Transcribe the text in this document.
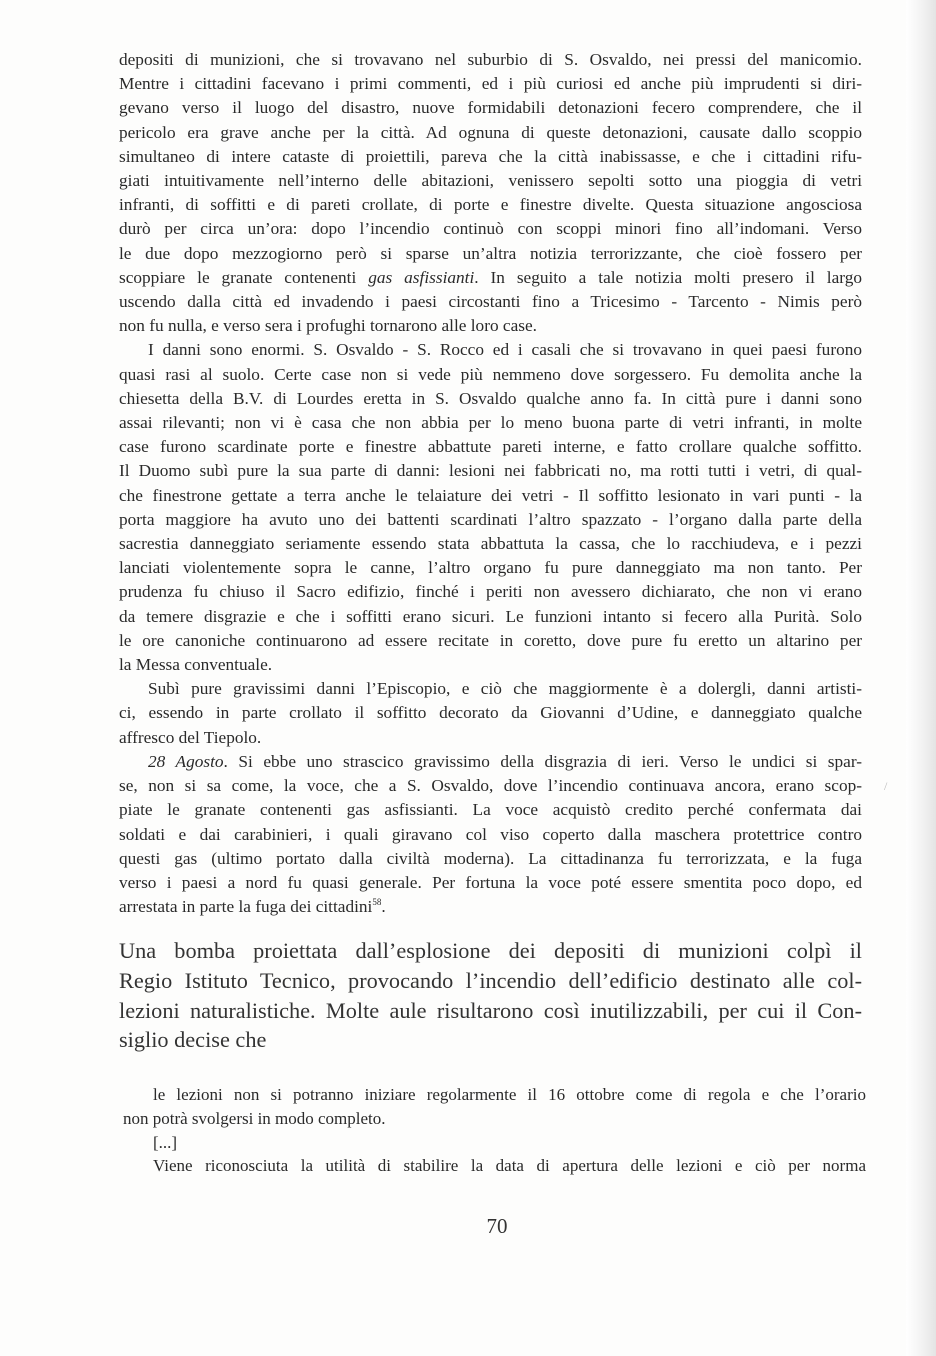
depositi di munizioni, che si trovavano nel suburbio di S. Osvaldo, nei pressi del manicomio.
Mentre i cittadini facevano i primi commenti, ed i più curiosi ed anche più imprudenti si diri-
gevano verso il luogo del disastro, nuove formidabili detonazioni fecero comprendere, che il
pericolo era grave anche per la città. Ad ognuna di queste detonazioni, causate dallo scoppio
simultaneo di intere cataste di proiettili, pareva che la città inabissasse, e che i cittadini rifu-
giati intuitivamente nell’interno delle abitazioni, venissero sepolti sotto una pioggia di vetri
infranti, di soffitti e di pareti crollate, di porte e finestre divelte. Questa situazione angosciosa
durò per circa un’ora: dopo l’incendio continuò con scoppi minori fino all’indomani. Verso
le due dopo mezzogiorno però si sparse un’altra notizia terrorizzante, che cioè fossero per
scoppiare le granate contenenti gas asfissianti. In seguito a tale notizia molti presero il largo
uscendo dalla città ed invadendo i paesi circostanti fino a Tricesimo - Tarcento - Nimis però
non fu nulla, e verso sera i profughi tornarono alle loro case.

I danni sono enormi. S. Osvaldo - S. Rocco ed i casali che si trovavano in quei paesi furono
quasi rasi al suolo. Certe case non si vede più nemmeno dove sorgessero. Fu demolita anche la
chiesetta della B.V. di Lourdes eretta in S. Osvaldo qualche anno fa. In città pure i danni sono
assai rilevanti; non vi è casa che non abbia per lo meno buona parte di vetri infranti, in molte
case furono scardinate porte e finestre abbattute pareti interne, e fatto crollare qualche soffitto.
Il Duomo subì pure la sua parte di danni: lesioni nei fabbricati no, ma rotti tutti i vetri, di qual-
che finestrone gettate a terra anche le telaiature dei vetri - Il soffitto lesionato in vari punti - la
porta maggiore ha avuto uno dei battenti scardinati l’altro spazzato - l’organo dalla parte della
sacrestia danneggiato seriamente essendo stata abbattuta la cassa, che lo racchiudeva, e i pezzi
lanciati violentemente sopra le canne, l’altro organo fu pure danneggiato ma non tanto. Per
prudenza fu chiuso il Sacro edifizio, finché i periti non avessero dichiarato, che non vi erano
da temere disgrazie e che i soffitti erano sicuri. Le funzioni intanto si fecero alla Purità. Solo
le ore canoniche continuarono ad essere recitate in coretto, dove pure fu eretto un altarino per
la Messa conventuale.

Subì pure gravissimi danni l’Episcopio, e ciò che maggiormente è a dolergli, danni artisti-
ci, essendo in parte crollato il soffitto decorato da Giovanni d’Udine, e danneggiato qualche
affresco del Tiepolo.

28 Agosto. Si ebbe uno strascico gravissimo della disgrazia di ieri. Verso le undici si spar-
se, non si sa come, la voce, che a S. Osvaldo, dove l’incendio continuava ancora, erano scop-
piate le granate contenenti gas asfissianti. La voce acquistò credito perché confermata dai
soldati e dai carabinieri, i quali giravano col viso coperto dalla maschera protettrice contro
questi gas (ultimo portato dalla civiltà moderna). La cittadinanza fu terrorizzata, e la fuga
verso i paesi a nord fu quasi generale. Per fortuna la voce poté essere smentita poco dopo, ed
arrestata in parte la fuga dei cittadini$^{58}$.

Una bomba proiettata dall’esplosione dei depositi di munizioni colpì il
Regio Istituto Tecnico, provocando l’incendio dell’edificio destinato alle col-
lezioni naturalistiche. Molte aule risultarono così inutilizzabili, per cui il Con-
siglio decise che
le lezioni non si potranno iniziare regolarmente il 16 ottobre come di regola e che l’orario
non potrà svolgersi in modo completo.
[...]
Viene riconosciuta la utilità di stabilire la data di apertura delle lezioni e ciò per norma
/
70
